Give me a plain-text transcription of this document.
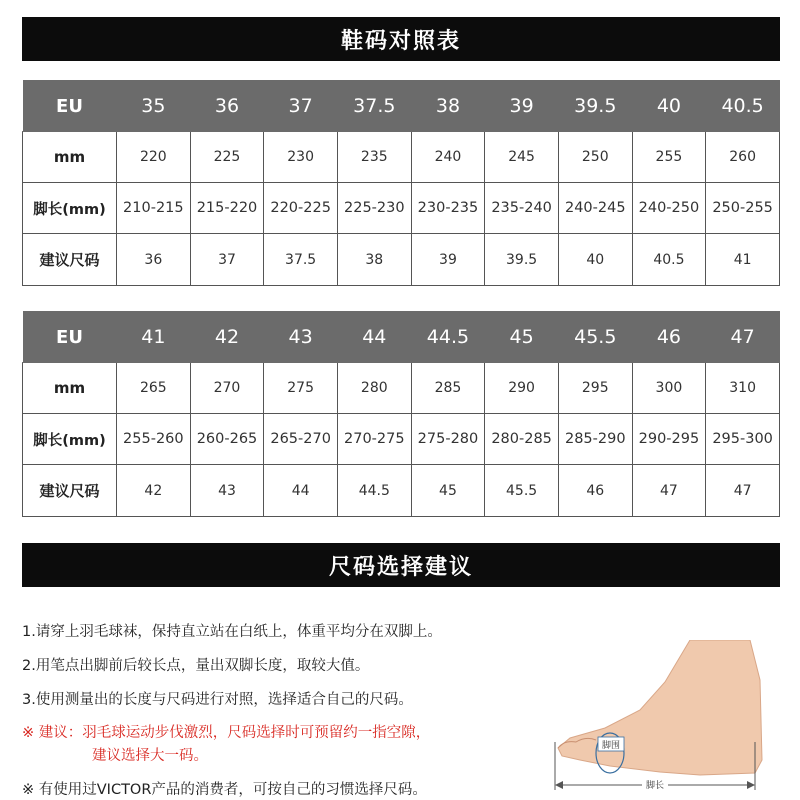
鞋码对照表
EU	35	36	37	37.5	38	39	39.5	40	40.5
mm	220	225	230	235	240	245	250	255	260
脚长(mm)	210-215	215-220	220-225	225-230	230-235	235-240	240-245	240-250	250-255
建议尺码	36	37	37.5	38	39	39.5	40	40.5	41
EU	41	42	43	44	44.5	45	45.5	46	47
mm	265	270	275	280	285	290	295	300	310
脚长(mm)	255-260	260-265	265-270	270-275	275-280	280-285	285-290	290-295	295-300
建议尺码	42	43	44	44.5	45	45.5	46	47	47
尺码选择建议
1.请穿上羽毛球袜，保持直立站在白纸上，体重平均分在双脚上。
2.用笔点出脚前后较长点，量出双脚长度，取较大值。
3.使用测量出的长度与尺码进行对照，选择适合自己的尺码。
※ 建议：羽毛球运动步伐激烈，尺码选择时可预留约一指空隙，
建议选择大一码。
※ 有使用过VICTOR产品的消费者，可按自己的习惯选择尺码。
脚围
脚长
